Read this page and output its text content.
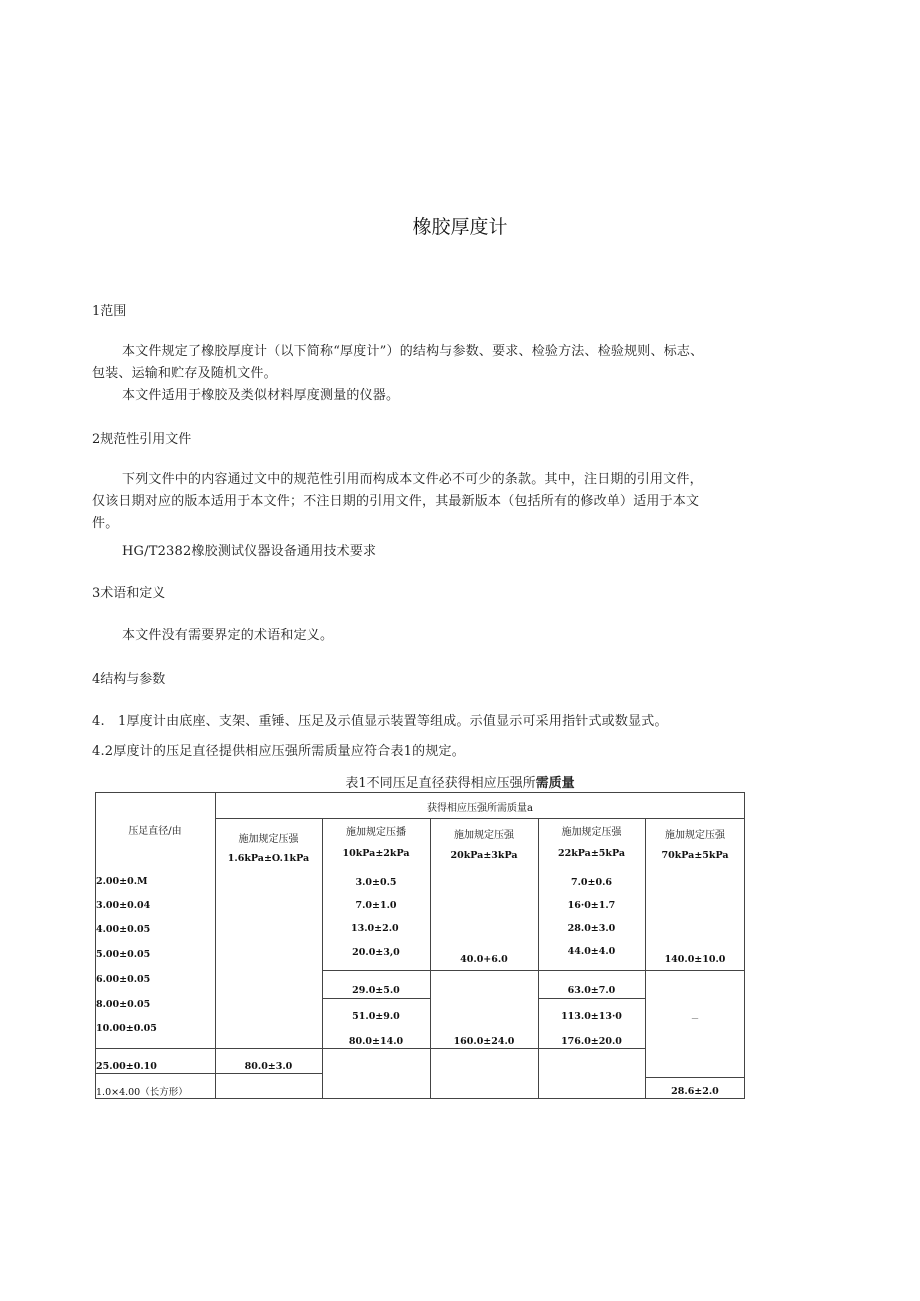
橡胶厚度计
1范围
本文件规定了橡胶厚度计（以下简称“厚度计”）的结构与参数、要求、检验方法、检验规则、标志、
包装、运输和贮存及随机文件。
本文件适用于橡胶及类似材料厚度测量的仪器。
2规范性引用文件
下列文件中的内容通过文中的规范性引用而构成本文件必不可少的条款。其中，注日期的引用文件，
仅该日期对应的版本适用于本文件；不注日期的引用文件，其最新版本（包括所有的修改单）适用于本文
件。
HG/T2382橡胶测试仪器设备通用技术要求
3术语和定义
本文件没有需要界定的术语和定义。
4结构与参数
4.　1厚度计由底座、支架、重锤、压足及示值显示装置等组成。示值显示可采用指针式或数显式。
4.2厚度计的压足直径提供相应压强所需质量应符合表1的规定。
表1不同压足直径获得相应压强所需质量
获得相应压强所需质量a
压足直径/由
施加规定压强
1.6kPa±O.1kPa
施加规定压播
10kPa±2kPa
施加规定压强
20kPa±3kPa
施加规定压强
22kPa±5kPa
施加规定压强
70kPa±5kPa
2.00±0.M
3.00±0.04
4.00±0.05
5.00±0.05
6.00±0.05
8.00±0.05
10.00±0.05
25.00±0.10
1.0×4.00（长方形）
3.0±0.5
7.0±1.0
13.0±2.0
20.0±3,0
29.0±5.0
51.0±9.0
80.0±14.0
40.0+6.0
160.0±24.0
7.0±0.6
16·0±1.7
28.0±3.0
44.0±4.0
63.0±7.0
113.0±13·0
176.0±20.0
140.0±10.0
—
28.6±2.0
80.0±3.0
